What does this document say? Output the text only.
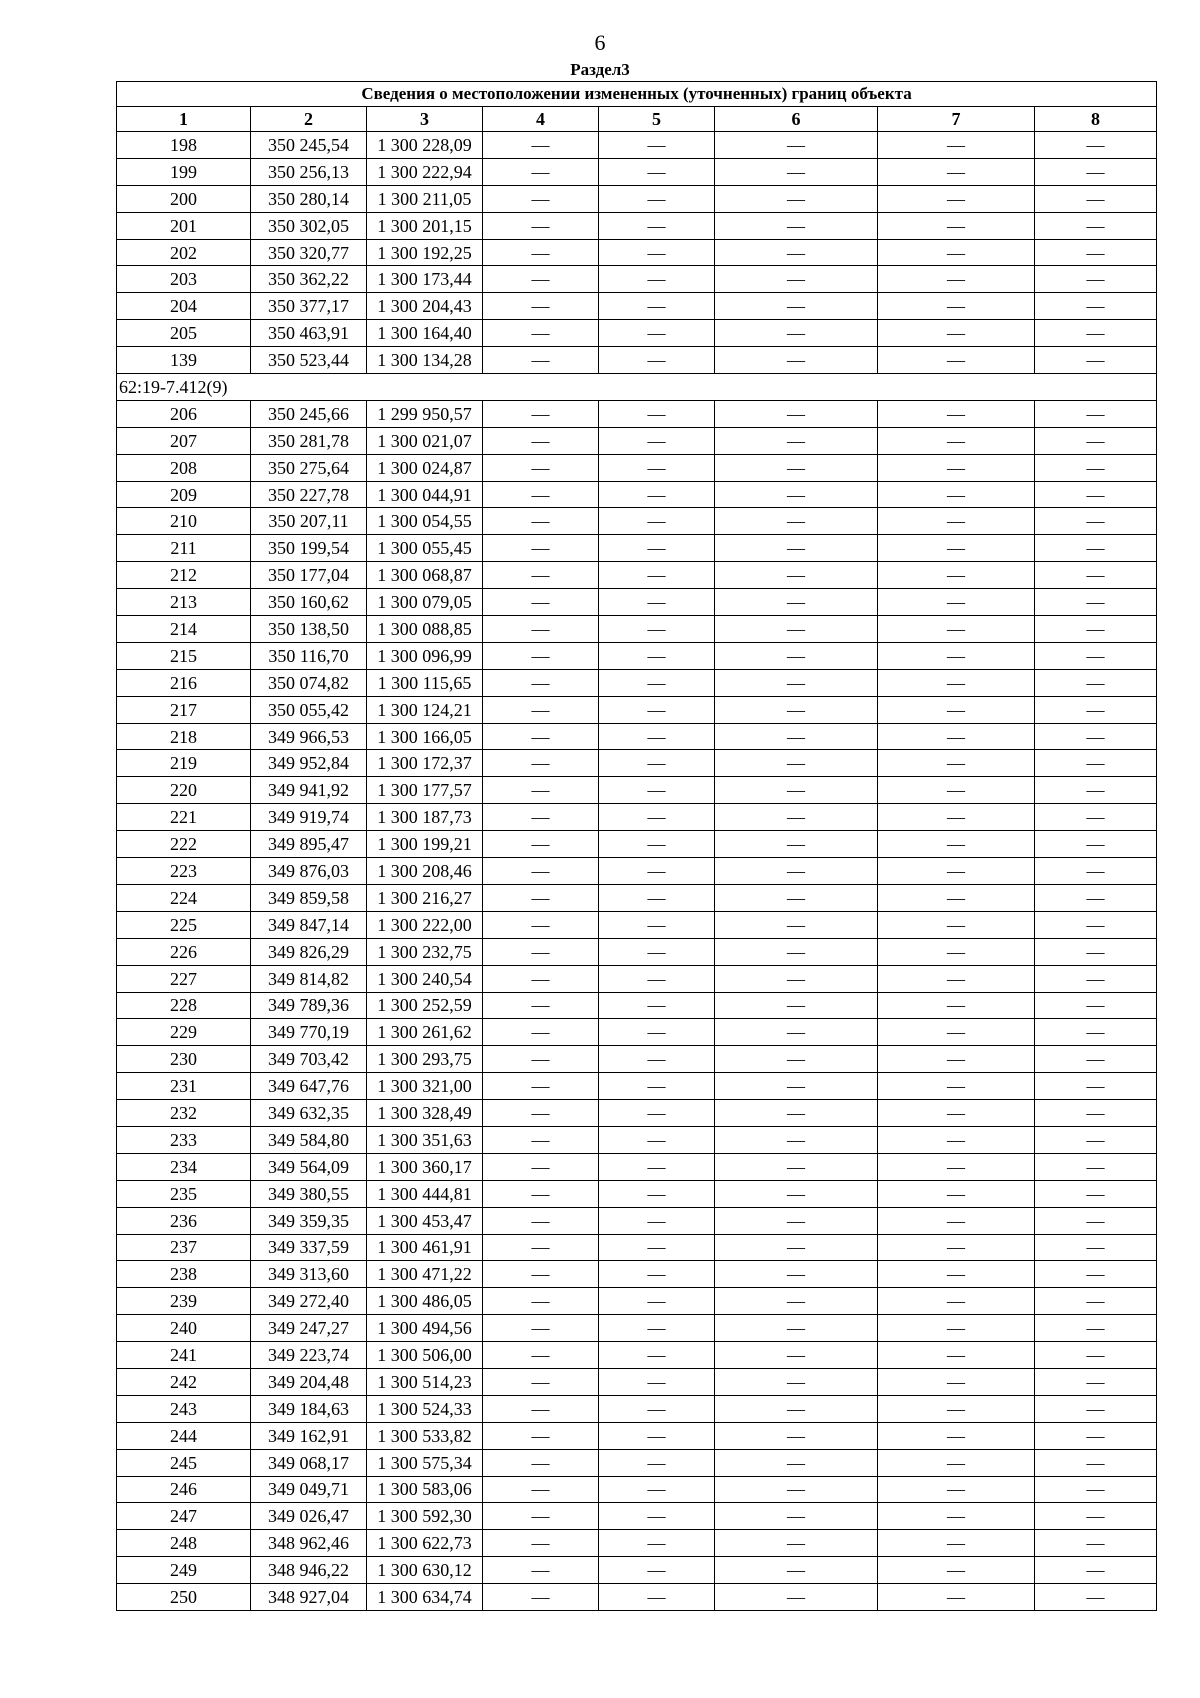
6
Раздел3
Сведения о местоположении измененных (уточненных) границ объекта							
1	2	3	4	5	6	7	8
198	350 245,54	1 300 228,09	—	—	—	—	—
199	350 256,13	1 300 222,94	—	—	—	—	—
200	350 280,14	1 300 211,05	—	—	—	—	—
201	350 302,05	1 300 201,15	—	—	—	—	—
202	350 320,77	1 300 192,25	—	—	—	—	—
203	350 362,22	1 300 173,44	—	—	—	—	—
204	350 377,17	1 300 204,43	—	—	—	—	—
205	350 463,91	1 300 164,40	—	—	—	—	—
139	350 523,44	1 300 134,28	—	—	—	—	—
62:19-7.412(9)							
206	350 245,66	1 299 950,57	—	—	—	—	—
207	350 281,78	1 300 021,07	—	—	—	—	—
208	350 275,64	1 300 024,87	—	—	—	—	—
209	350 227,78	1 300 044,91	—	—	—	—	—
210	350 207,11	1 300 054,55	—	—	—	—	—
211	350 199,54	1 300 055,45	—	—	—	—	—
212	350 177,04	1 300 068,87	—	—	—	—	—
213	350 160,62	1 300 079,05	—	—	—	—	—
214	350 138,50	1 300 088,85	—	—	—	—	—
215	350 116,70	1 300 096,99	—	—	—	—	—
216	350 074,82	1 300 115,65	—	—	—	—	—
217	350 055,42	1 300 124,21	—	—	—	—	—
218	349 966,53	1 300 166,05	—	—	—	—	—
219	349 952,84	1 300 172,37	—	—	—	—	—
220	349 941,92	1 300 177,57	—	—	—	—	—
221	349 919,74	1 300 187,73	—	—	—	—	—
222	349 895,47	1 300 199,21	—	—	—	—	—
223	349 876,03	1 300 208,46	—	—	—	—	—
224	349 859,58	1 300 216,27	—	—	—	—	—
225	349 847,14	1 300 222,00	—	—	—	—	—
226	349 826,29	1 300 232,75	—	—	—	—	—
227	349 814,82	1 300 240,54	—	—	—	—	—
228	349 789,36	1 300 252,59	—	—	—	—	—
229	349 770,19	1 300 261,62	—	—	—	—	—
230	349 703,42	1 300 293,75	—	—	—	—	—
231	349 647,76	1 300 321,00	—	—	—	—	—
232	349 632,35	1 300 328,49	—	—	—	—	—
233	349 584,80	1 300 351,63	—	—	—	—	—
234	349 564,09	1 300 360,17	—	—	—	—	—
235	349 380,55	1 300 444,81	—	—	—	—	—
236	349 359,35	1 300 453,47	—	—	—	—	—
237	349 337,59	1 300 461,91	—	—	—	—	—
238	349 313,60	1 300 471,22	—	—	—	—	—
239	349 272,40	1 300 486,05	—	—	—	—	—
240	349 247,27	1 300 494,56	—	—	—	—	—
241	349 223,74	1 300 506,00	—	—	—	—	—
242	349 204,48	1 300 514,23	—	—	—	—	—
243	349 184,63	1 300 524,33	—	—	—	—	—
244	349 162,91	1 300 533,82	—	—	—	—	—
245	349 068,17	1 300 575,34	—	—	—	—	—
246	349 049,71	1 300 583,06	—	—	—	—	—
247	349 026,47	1 300 592,30	—	—	—	—	—
248	348 962,46	1 300 622,73	—	—	—	—	—
249	348 946,22	1 300 630,12	—	—	—	—	—
250	348 927,04	1 300 634,74	—	—	—	—	—
